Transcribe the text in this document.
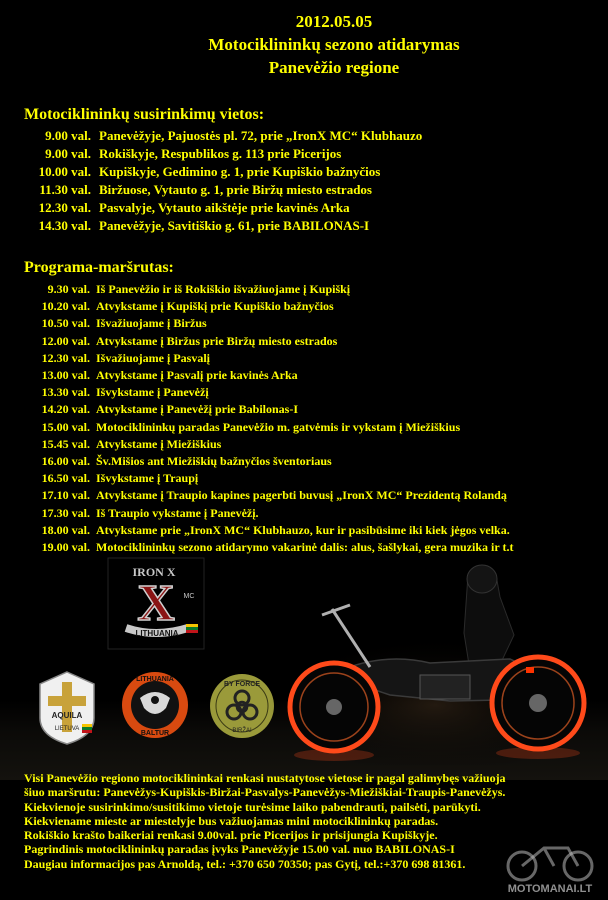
2012.05.05
Motociklininkų sezono atidarymas
Panevėžio regione
Motociklininkų susirinkimų vietos:
9.00 val. Panevėžyje, Pajuostės pl. 72, prie „IronX MC“ Klubhauzo
9.00 val. Rokiškyje, Respublikos g. 113 prie Picerijos
10.00 val. Kupiškyje, Gedimino g. 1, prie Kupiškio bažnyčios
11.30 val. Biržuose, Vytauto g. 1, prie Biržų miesto estrados
12.30 val. Pasvalyje, Vytauto aikštėje prie kavinės Arka
14.30 val. Panevėžyje, Savitiškio g. 61, prie BABILONAS-I
Programa-maršrutas:
9.30 val. Iš Panevėžio ir iš Rokiškio išvažiuojame į Kupiškį
10.20 val. Atvykstame į Kupiškį prie Kupiškio bažnyčios
10.50 val. Išvažiuojame į Biržus
12.00 val. Atvykstame į Biržus prie Biržų miesto estrados
12.30 val. Išvažiuojame į Pasvalį
13.00 val. Atvykstame į Pasvalį prie kavinės Arka
13.30 val. Išvykstame į Panevėžį
14.20 val. Atvykstame į Panevėžį prie Babilonas-I
15.00 val. Motociklininkų paradas Panevėžio m. gatvėmis ir vykstam į Miežiškius
15.45 val. Atvykstame į Miežiškius
16.00 val. Šv.Mišios ant Miežiškių bažnyčios šventoriaus
16.50 val. Išvykstame į Traupį
17.10 val. Atvykstame į Traupio kapines pagerbti buvusį „IronX MC“ Prezidentą Rolandą
17.30 val. Iš Traupio vykstame į Panevėžį.
18.00 val. Atvykstame prie „IronX MC“ Klubhauzo, kur ir pasibūsime iki kiek jėgos velka.
19.00 val. Motociklininkų sezono atidarymo vakarinė dalis: alus, šašlykai, gera muzika ir t.t
IRON X
X MC
LITHUANIA
AQUILA
LIETUVA
LITHUANIA
BALTUR
BY FORCE
BIRŽAI
Visi Panevėžio regiono motociklininkai renkasi nustatytose vietose ir pagal galimybęs važiuoja
šiuo maršrutu: Panevėžys-Kupiškis-Biržai-Pasvalys-Panevėžys-Miežiškiai-Traupis-Panevėžys.
Kiekvienoje susirinkimo/susitikimo vietoje turėsime laiko pabendrauti, pailsėti, parūkyti.
Kiekviename mieste ar miestelyje bus važiuojamas mini motociklininkų paradas.
Rokiškio krašto baikeriai renkasi 9.00val. prie Picerijos ir prisijungia Kupiškyje.
Pagrindinis motociklininkų paradas įvyks Panevėžyje 15.00 val. nuo BABILONAS-I
Daugiau informacijos pas Arnoldą, tel.: +370 650 70350; pas Gytį, tel.:+370 698 81361.
MOTOMANAI.LT
